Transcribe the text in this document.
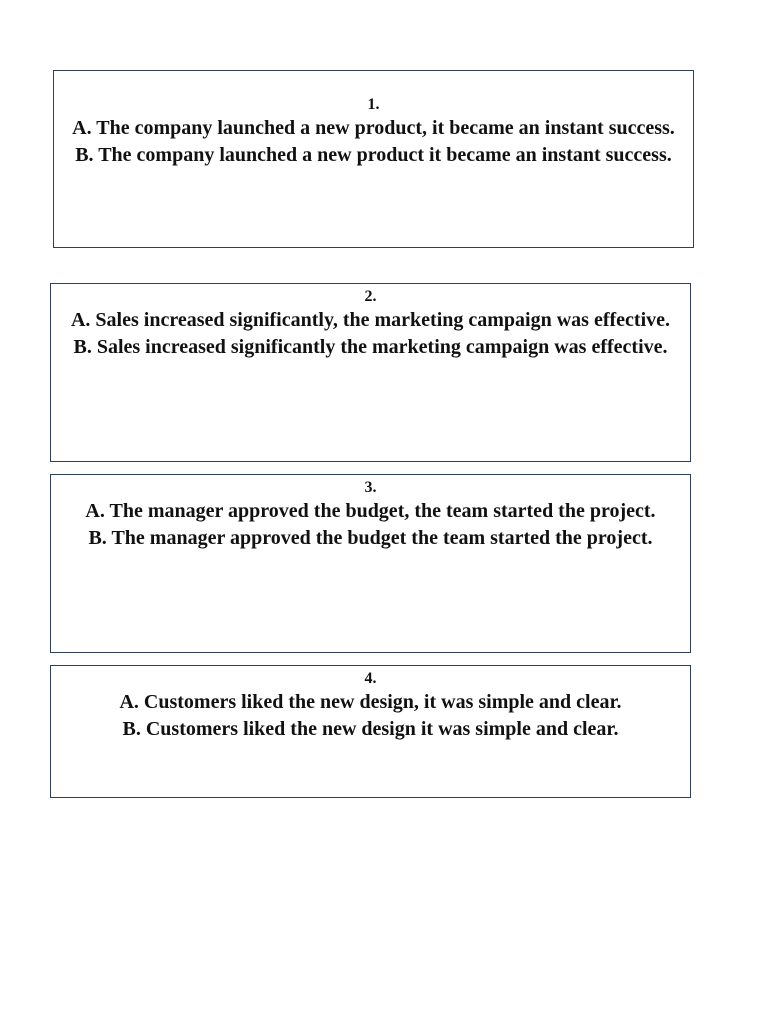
1.
A. The company launched a new product, it became an instant success.
B. The company launched a new product it became an instant success.
2.
A. Sales increased significantly, the marketing campaign was effective.
B. Sales increased significantly the marketing campaign was effective.
3.
A. The manager approved the budget, the team started the project.
B. The manager approved the budget the team started the project.
4.
A. Customers liked the new design, it was simple and clear.
B. Customers liked the new design it was simple and clear.
